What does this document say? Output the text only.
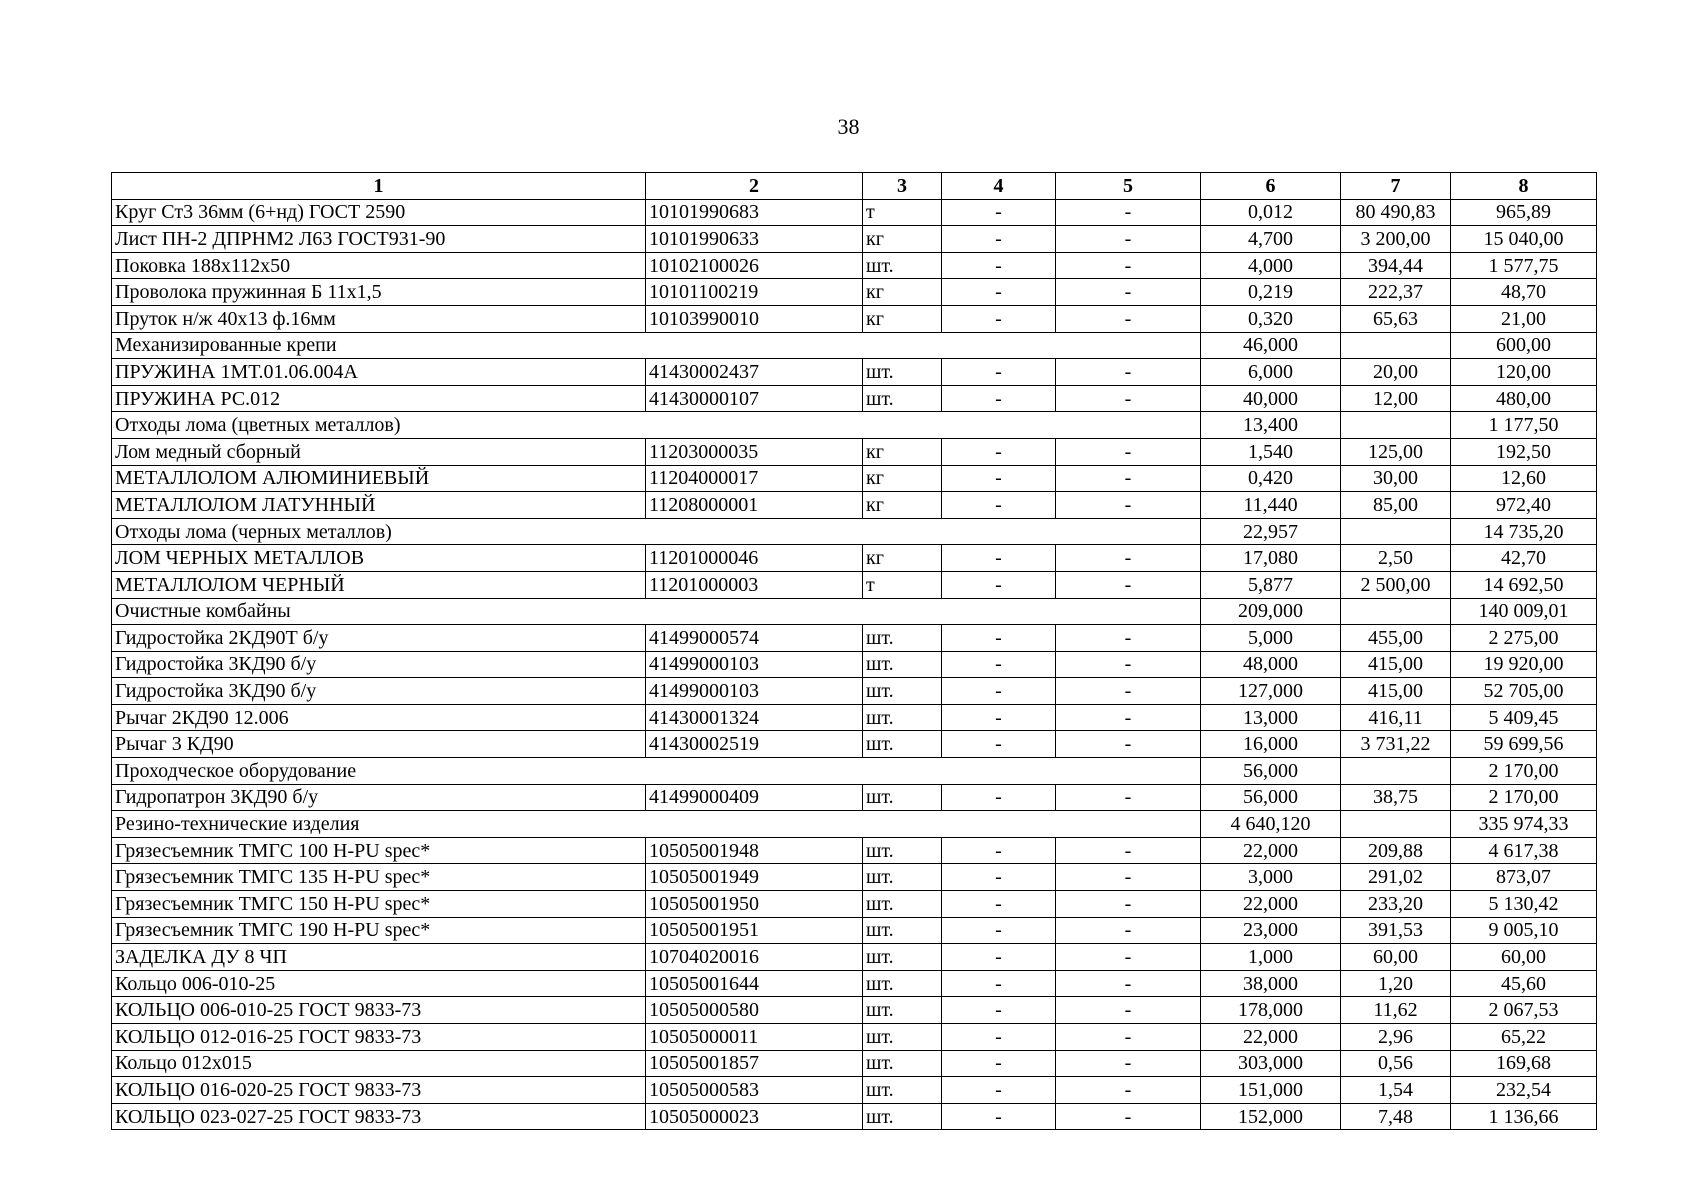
38
1	2	3	4	5	6	7	8
Круг Ст3 36мм (6+нд) ГОСТ 2590	10101990683	т	-	-	0,012	80 490,83	965,89
Лист ПН-2 ДПРНМ2 Л63 ГОСТ931-90	10101990633	кг	-	-	4,700	3 200,00	15 040,00
Поковка 188х112х50	10102100026	шт.	-	-	4,000	394,44	1 577,75
Проволока пружинная Б 11х1,5	10101100219	кг	-	-	0,219	222,37	48,70
Пруток н/ж 40х13 ф.16мм	10103990010	кг	-	-	0,320	65,63	21,00
Механизированные крепи					46,000		600,00
ПРУЖИНА 1МТ.01.06.004А	41430002437	шт.	-	-	6,000	20,00	120,00
ПРУЖИНА РС.012	41430000107	шт.	-	-	40,000	12,00	480,00
Отходы лома (цветных металлов)					13,400		1 177,50
Лом медный сборный	11203000035	кг	-	-	1,540	125,00	192,50
МЕТАЛЛОЛОМ АЛЮМИНИЕВЫЙ	11204000017	кг	-	-	0,420	30,00	12,60
МЕТАЛЛОЛОМ ЛАТУННЫЙ	11208000001	кг	-	-	11,440	85,00	972,40
Отходы лома (черных металлов)					22,957		14 735,20
ЛОМ ЧЕРНЫХ МЕТАЛЛОВ	11201000046	кг	-	-	17,080	2,50	42,70
МЕТАЛЛОЛОМ ЧЕРНЫЙ	11201000003	т	-	-	5,877	2 500,00	14 692,50
Очистные комбайны					209,000		140 009,01
Гидростойка 2КД90Т б/у	41499000574	шт.	-	-	5,000	455,00	2 275,00
Гидростойка 3КД90 б/у	41499000103	шт.	-	-	48,000	415,00	19 920,00
Гидростойка 3КД90 б/у	41499000103	шт.	-	-	127,000	415,00	52 705,00
Рычаг 2КД90 12.006	41430001324	шт.	-	-	13,000	416,11	5 409,45
Рычаг 3 КД90	41430002519	шт.	-	-	16,000	3 731,22	59 699,56
Проходческое оборудование					56,000		2 170,00
Гидропатрон 3КД90 б/у	41499000409	шт.	-	-	56,000	38,75	2 170,00
Резино-технические изделия					4 640,120		335 974,33
Грязесъемник ТМГС 100 H-PU spec*	10505001948	шт.	-	-	22,000	209,88	4 617,38
Грязесъемник ТМГС 135 H-PU spec*	10505001949	шт.	-	-	3,000	291,02	873,07
Грязесъемник ТМГС 150 H-PU spec*	10505001950	шт.	-	-	22,000	233,20	5 130,42
Грязесъемник ТМГС 190 H-PU spec*	10505001951	шт.	-	-	23,000	391,53	9 005,10
ЗАДЕЛКА ДУ 8 ЧП	10704020016	шт.	-	-	1,000	60,00	60,00
Кольцо 006-010-25	10505001644	шт.	-	-	38,000	1,20	45,60
КОЛЬЦО 006-010-25 ГОСТ 9833-73	10505000580	шт.	-	-	178,000	11,62	2 067,53
КОЛЬЦО 012-016-25 ГОСТ 9833-73	10505000011	шт.	-	-	22,000	2,96	65,22
Кольцо 012х015	10505001857	шт.	-	-	303,000	0,56	169,68
КОЛЬЦО 016-020-25 ГОСТ 9833-73	10505000583	шт.	-	-	151,000	1,54	232,54
КОЛЬЦО 023-027-25 ГОСТ 9833-73	10505000023	шт.	-	-	152,000	7,48	1 136,66
